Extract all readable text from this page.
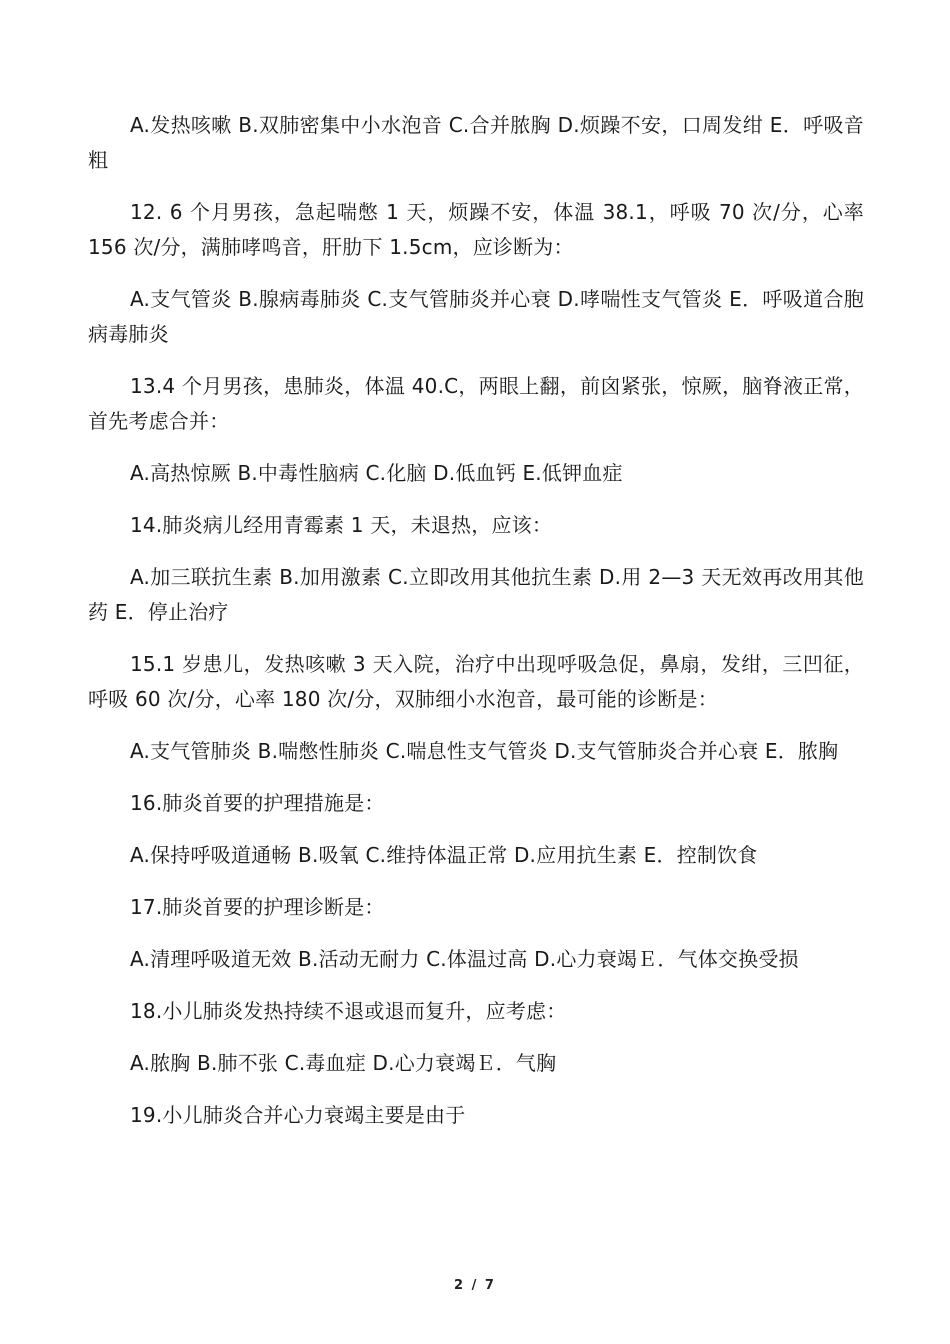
A.发热咳嗽 B.双肺密集中小水泡音 C.合并脓胸 D.烦躁不安，口周发绀 E．呼吸音粗

12. 6 个月男孩，急起喘憋 1 天，烦躁不安，体温 38.1，呼吸 70 次/分，心率 156 次/分，满肺哮鸣音，肝肋下 1.5cm，应诊断为：

A.支气管炎 B.腺病毒肺炎 C.支气管肺炎并心衰 D.哮喘性支气管炎 E．呼吸道合胞病毒肺炎

13.4 个月男孩，患肺炎，体温 40.C，两眼上翻，前囟紧张，惊厥，脑脊液正常，首先考虑合并：

A.高热惊厥 B.中毒性脑病 C.化脑 D.低血钙 E.低钾血症

14.肺炎病儿经用青霉素 1 天，未退热，应该：

A.加三联抗生素 B.加用激素 C.立即改用其他抗生素 D.用 2—3 天无效再改用其他药 E．停止治疗

15.1 岁患儿，发热咳嗽 3 天入院，治疗中出现呼吸急促，鼻扇，发绀，三凹征，呼吸 60 次/分，心率 180 次/分，双肺细小水泡音，最可能的诊断是：

A.支气管肺炎 B.喘憋性肺炎 C.喘息性支气管炎 D.支气管肺炎合并心衰 E．脓胸

16.肺炎首要的护理措施是：

A.保持呼吸道通畅 B.吸氧 C.维持体温正常 D.应用抗生素 E．控制饮食

17.肺炎首要的护理诊断是：

A.清理呼吸道无效 B.活动无耐力 C.体温过高 D.心力衰竭Ｅ．气体交换受损

18.小儿肺炎发热持续不退或退而复升，应考虑：

A.脓胸 B.肺不张 C.毒血症 D.心力衰竭Ｅ．气胸

19.小儿肺炎合并心力衰竭主要是由于

2 / 7
